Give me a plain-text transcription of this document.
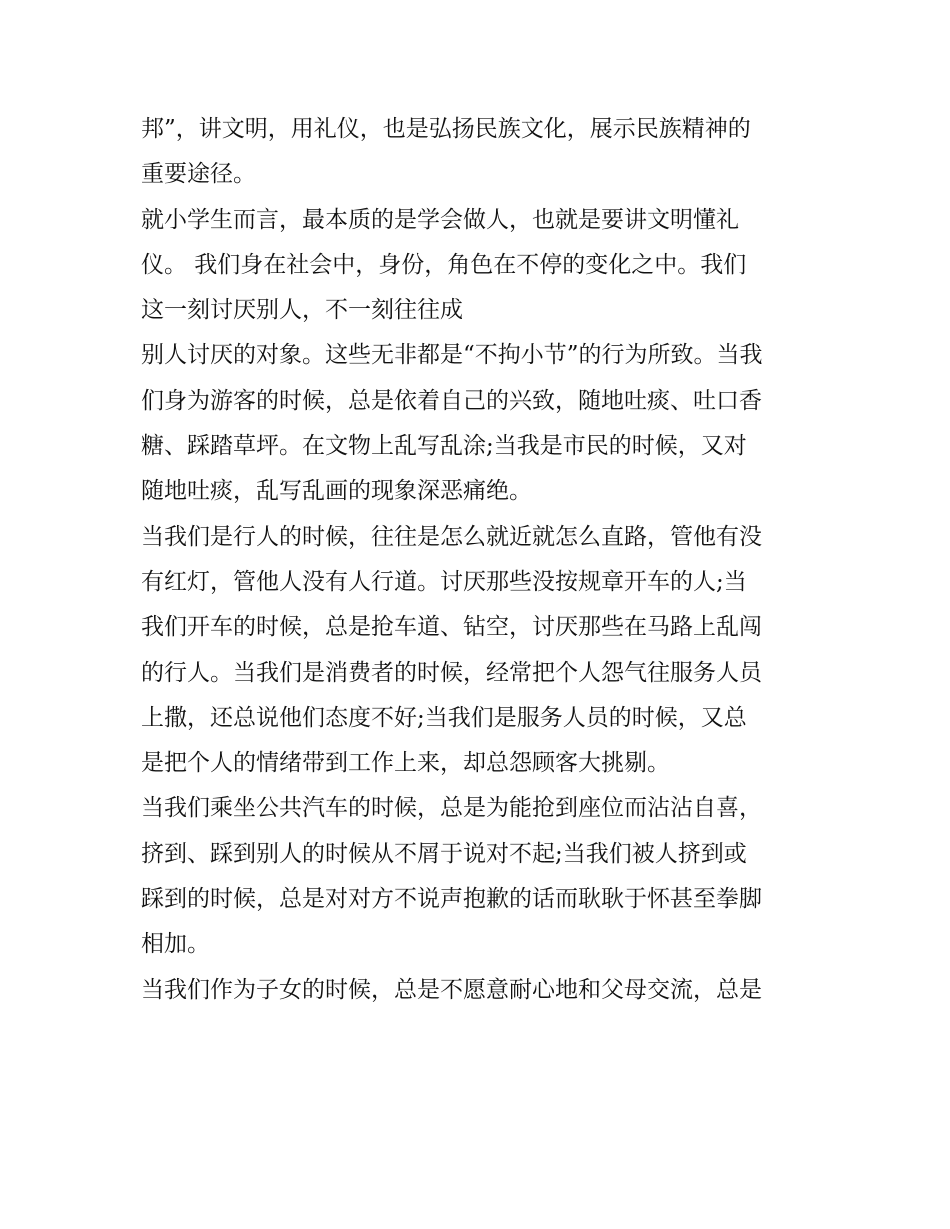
邦”，讲文明，用礼仪，也是弘扬民族文化，展示民族精神的
重要途径。
就小学生而言，最本质的是学会做人，也就是要讲文明懂礼
仪。 我们身在社会中，身份，角色在不停的变化之中。我们
这一刻讨厌别人，不一刻往往成
别人讨厌的对象。这些无非都是“不拘小节”的行为所致。当我
们身为游客的时候，总是依着自己的兴致，随地吐痰、吐口香
糖、踩踏草坪。在文物上乱写乱涂;当我是市民的时候，又对
随地吐痰，乱写乱画的现象深恶痛绝。
当我们是行人的时候，往往是怎么就近就怎么直路，管他有没
有红灯，管他人没有人行道。讨厌那些没按规章开车的人;当
我们开车的时候，总是抢车道、钻空，讨厌那些在马路上乱闯
的行人。当我们是消费者的时候，经常把个人怨气往服务人员
上撒，还总说他们态度不好;当我们是服务人员的时候，又总
是把个人的情绪带到工作上来，却总怨顾客大挑剔。
当我们乘坐公共汽车的时候，总是为能抢到座位而沾沾自喜，
挤到、踩到别人的时候从不屑于说对不起;当我们被人挤到或
踩到的时候，总是对对方不说声抱歉的话而耿耿于怀甚至拳脚
相加。
当我们作为子女的时候，总是不愿意耐心地和父母交流，总是
